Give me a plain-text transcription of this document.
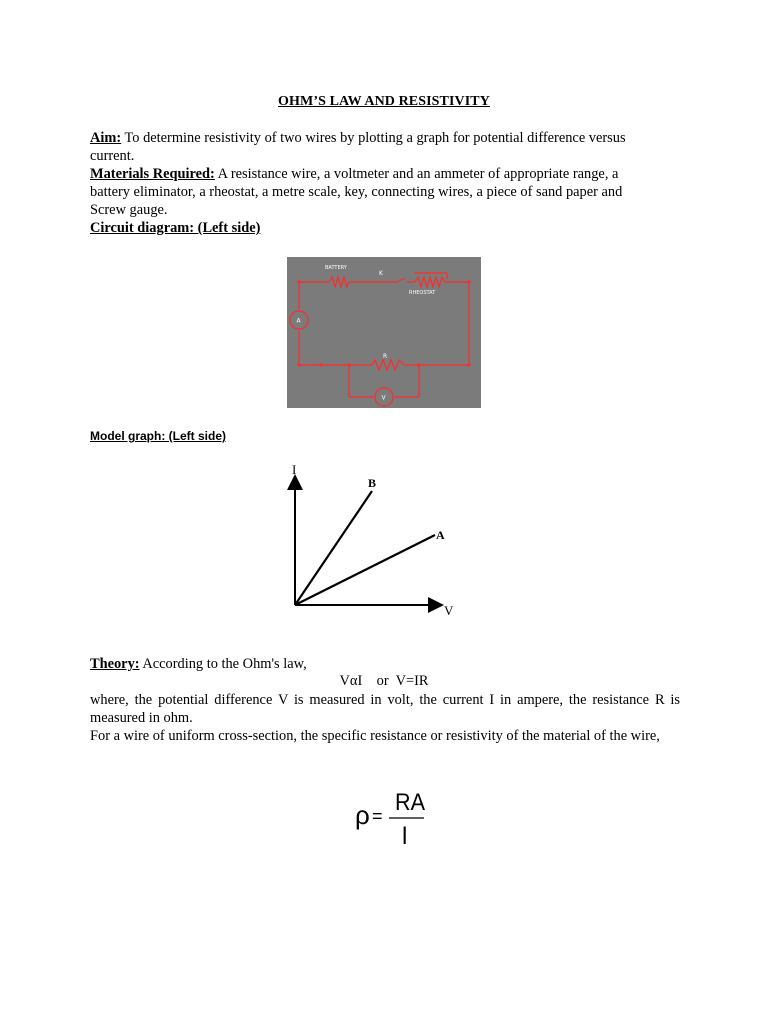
OHM’S LAW AND RESISTIVITY
Aim: To determine resistivity of two wires by plotting a graph for potential difference versus
current.
Materials Required: A resistance wire, a voltmeter and an ammeter of appropriate range, a
battery eliminator, a rheostat, a metre scale, key, connecting wires, a piece of sand paper and
Screw gauge.
Circuit diagram: (Left side)
BATTERY
K
RHEOSTAT
A
R
V
Model graph: (Left side)
I
V
B
A
Theory: According to the Ohm's law,
VαI    or  V=IR
where, the potential difference V is measured in volt, the current I in ampere, the resistance R is measured in ohm.
For a wire of uniform cross-section, the specific resistance or resistivity of the material of the wire,
ρ = RA
l
